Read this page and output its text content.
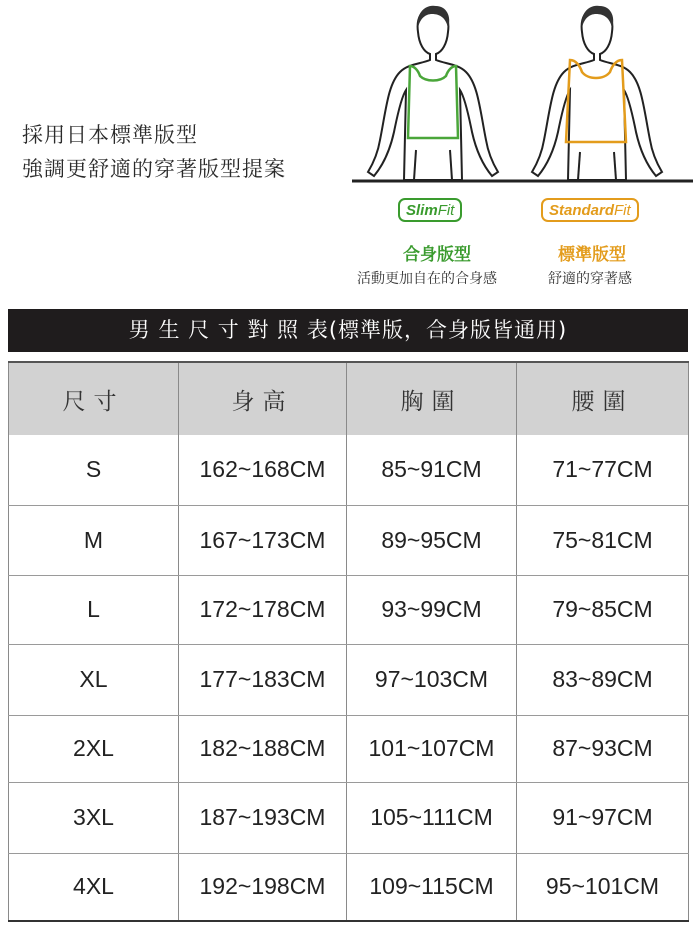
採用日本標準版型
強調更舒適的穿著版型提案
SlimFit	StandardFit
合身版型	標準版型
活動更加自在的合身感	舒適的穿著感
男 生 尺 寸 對 照 表(標準版，合身版皆通用)
尺寸	身高	胸圍	腰圍
S	162~168CM	85~91CM	71~77CM
M	167~173CM	89~95CM	75~81CM
L	172~178CM	93~99CM	79~85CM
XL	177~183CM	97~103CM	83~89CM
2XL	182~188CM	101~107CM	87~93CM
3XL	187~193CM	105~111CM	91~97CM
4XL	192~198CM	109~115CM	95~101CM
